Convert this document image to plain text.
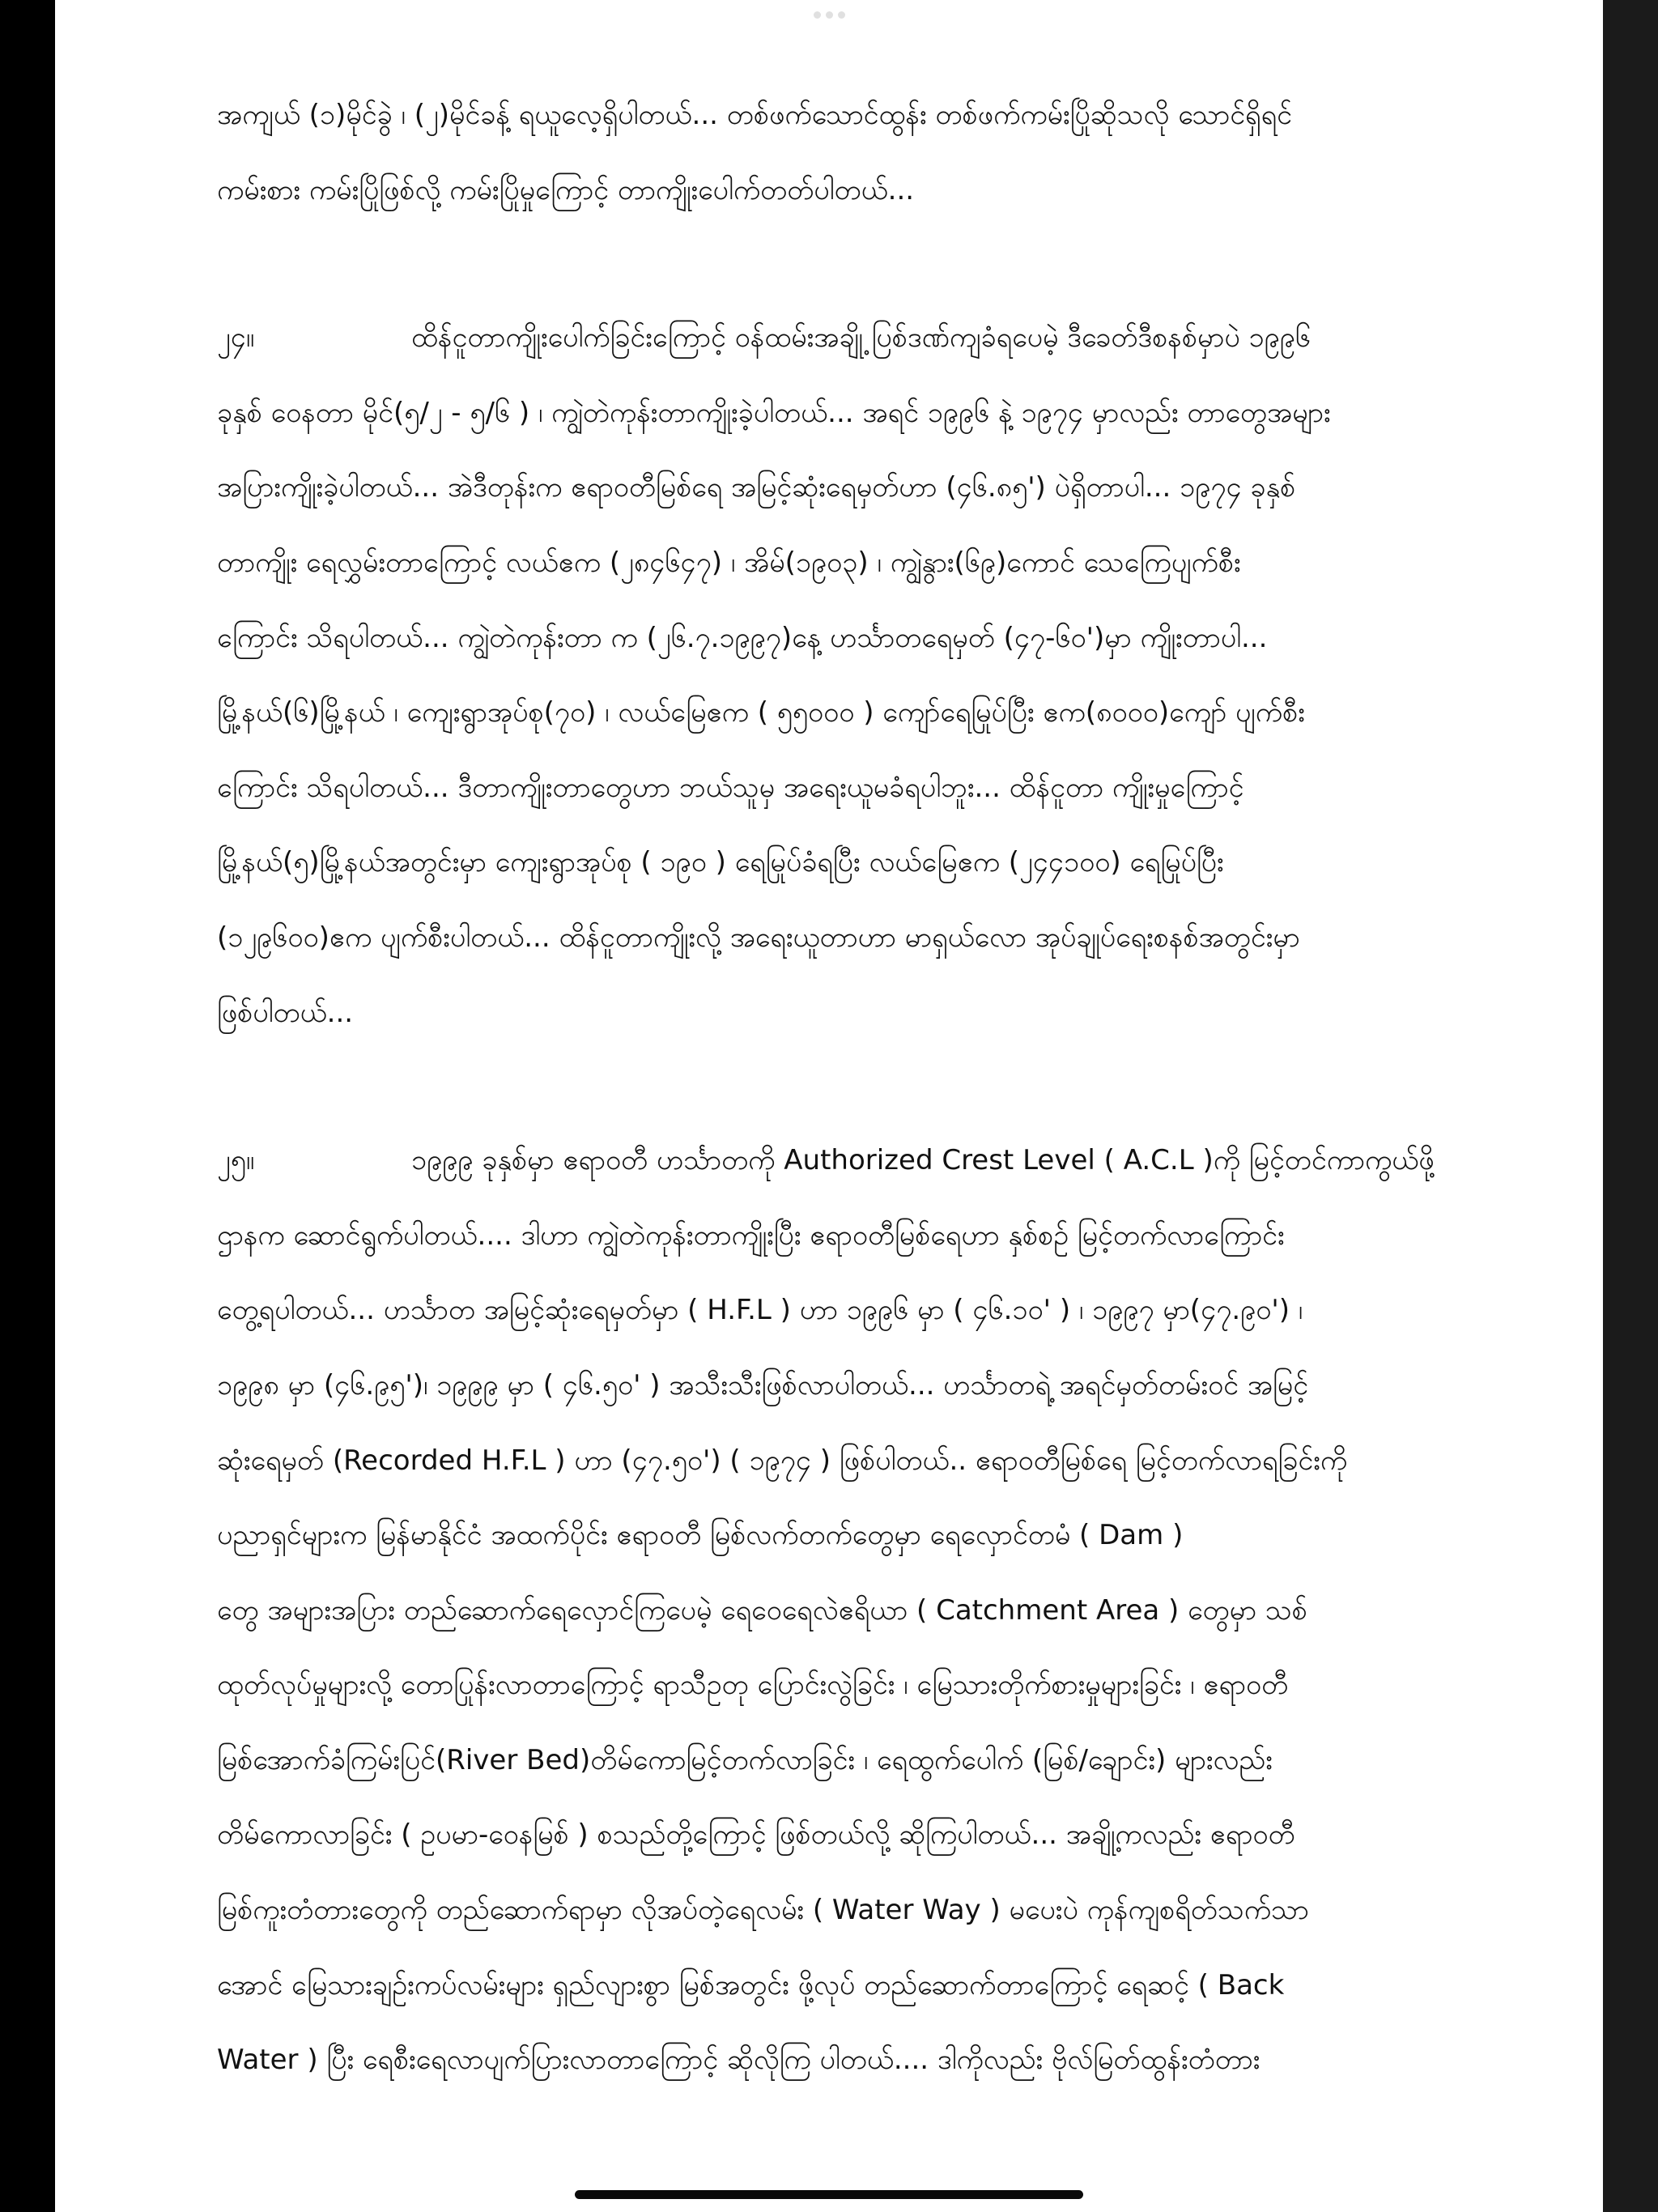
အကျယ် (၁)မိုင်ခွဲ ၊ (၂)မိုင်ခန့် ရယူလေ့ရှိပါတယ်... တစ်ဖက်သောင်ထွန်း တစ်ဖက်ကမ်းပြိုဆိုသလို သောင်ရှိရင်
ကမ်းစား ကမ်းပြိုဖြစ်လို့ ကမ်းပြိုမှုကြောင့် တာကျိုးပေါက်တတ်ပါတယ်...
၂၄။	ထိန်ငူတာကျိုးပေါက်ခြင်းကြောင့် ဝန်ထမ်းအချို့ ပြစ်ဒဏ်ကျခံရပေမဲ့ ဒီခေတ်ဒီစနစ်မှာပဲ ၁၉၉၆
ခုနှစ် ဝေနတာ မိုင်(၅/၂ - ၅/၆ ) ၊ ကျွဲတဲကုန်းတာကျိုးခဲ့ပါတယ်... အရင် ၁၉၉၆ နဲ့ ၁၉၇၄ မှာလည်း တာတွေအများ
အပြားကျိုးခဲ့ပါတယ်... အဲဒီတုန်းက ဧရာဝတီမြစ်ရေ အမြင့်ဆုံးရေမှတ်ဟာ (၄၆.၈၅') ပဲရှိတာပါ... ၁၉၇၄ ခုနှစ်
တာကျိုး ရေလွှမ်းတာကြောင့် လယ်ဧက (၂၈၄၆၄၇) ၊ အိမ်(၁၉၀၃) ၊ ကျွဲနွား(၆၉)ကောင် သေကြေပျက်စီး
ကြောင်း သိရပါတယ်... ကျွဲတဲကုန်းတာ က (၂၆.၇.၁၉၉၇)နေ့ ဟင်္သာတရေမှတ် (၄၇-၆၀')မှာ ကျိုးတာပါ...
မြို့နယ်(၆)မြို့နယ် ၊ ကျေးရွာအုပ်စု(၇၀) ၊ လယ်မြေဧက ( ၅၅၀၀၀ ) ကျော်ရေမြုပ်ပြီး ဧက(၈၀၀၀)ကျော် ပျက်စီး
ကြောင်း သိရပါတယ်... ဒီတာကျိုးတာတွေဟာ ဘယ်သူမှ အရေးယူမခံရပါဘူး... ထိန်ငူတာ ကျိုးမှုကြောင့်
မြို့နယ်(၅)မြို့နယ်အတွင်းမှာ ကျေးရွာအုပ်စု ( ၁၉၀ ) ရေမြုပ်ခံရပြီး လယ်မြေဧက (၂၄၄၁၀၀) ရေမြုပ်ပြီး
(၁၂၉၆၀၀)ဧက ပျက်စီးပါတယ်... ထိန်ငူတာကျိုးလို့ အရေးယူတာဟာ မာရှယ်လော အုပ်ချုပ်ရေးစနစ်အတွင်းမှာ
ဖြစ်ပါတယ်...
၂၅။	၁၉၉၉ ခုနှစ်မှာ ဧရာဝတီ ဟင်္သာတကို Authorized Crest Level ( A.C.L )ကို မြင့်တင်ကာကွယ်ဖို့
ဌာနက ဆောင်ရွက်ပါတယ်.... ဒါဟာ ကျွဲတဲကုန်းတာကျိုးပြီး ဧရာဝတီမြစ်ရေဟာ နှစ်စဉ် မြင့်တက်လာကြောင်း
တွေ့ရပါတယ်... ဟင်္သာတ အမြင့်ဆုံးရေမှတ်မှာ ( H.F.L ) ဟာ ၁၉၉၆ မှာ ( ၄၆.၁၀' ) ၊ ၁၉၉၇ မှာ(၄၇.၉၀') ၊
၁၉၉၈ မှာ (၄၆.၉၅')၊ ၁၉၉၉ မှာ ( ၄၆.၅၀' ) အသီးသီးဖြစ်လာပါတယ်... ဟင်္သာတရဲ့ အရင်မှတ်တမ်းဝင် အမြင့်
ဆုံးရေမှတ် (Recorded H.F.L ) ဟာ (၄၇.၅၀') ( ၁၉၇၄ ) ဖြစ်ပါတယ်.. ဧရာဝတီမြစ်ရေ မြင့်တက်လာရခြင်းကို
ပညာရှင်များက မြန်မာနိုင်ငံ အထက်ပိုင်း ဧရာဝတီ မြစ်လက်တက်တွေမှာ ရေလှောင်တမံ ( Dam )
တွေ အများအပြား တည်ဆောက်ရေလှောင်ကြပေမဲ့ ရေဝေရေလဲဧရိယာ ( Catchment Area ) တွေမှာ သစ်
ထုတ်လုပ်မှုများလို့ တောပြုန်းလာတာကြောင့် ရာသီဥတု ပြောင်းလွဲခြင်း ၊ မြေသားတိုက်စားမှုများခြင်း ၊ ဧရာဝတီ
မြစ်အောက်ခံကြမ်းပြင်(River Bed)တိမ်ကောမြင့်တက်လာခြင်း ၊ ရေထွက်ပေါက် (မြစ်/ချောင်း) များလည်း
တိမ်ကောလာခြင်း ( ဥပမာ-ဝေနမြစ် ) စသည်တို့ကြောင့် ဖြစ်တယ်လို့ ဆိုကြပါတယ်... အချို့ကလည်း ဧရာဝတီ
မြစ်ကူးတံတားတွေကို တည်ဆောက်ရာမှာ လိုအပ်တဲ့ရေလမ်း ( Water Way ) မပေးပဲ ကုန်ကျစရိတ်သက်သာ
အောင် မြေသားချဉ်းကပ်လမ်းများ ရှည်လျားစွာ မြစ်အတွင်း ဖို့လုပ် တည်ဆောက်တာကြောင့် ရေဆင့် ( Back
Water ) ပြီး ရေစီးရေလာပျက်ပြားလာတာကြောင့် ဆိုလိုကြ ပါတယ်.... ဒါကိုလည်း ဗိုလ်မြတ်ထွန်းတံတား
